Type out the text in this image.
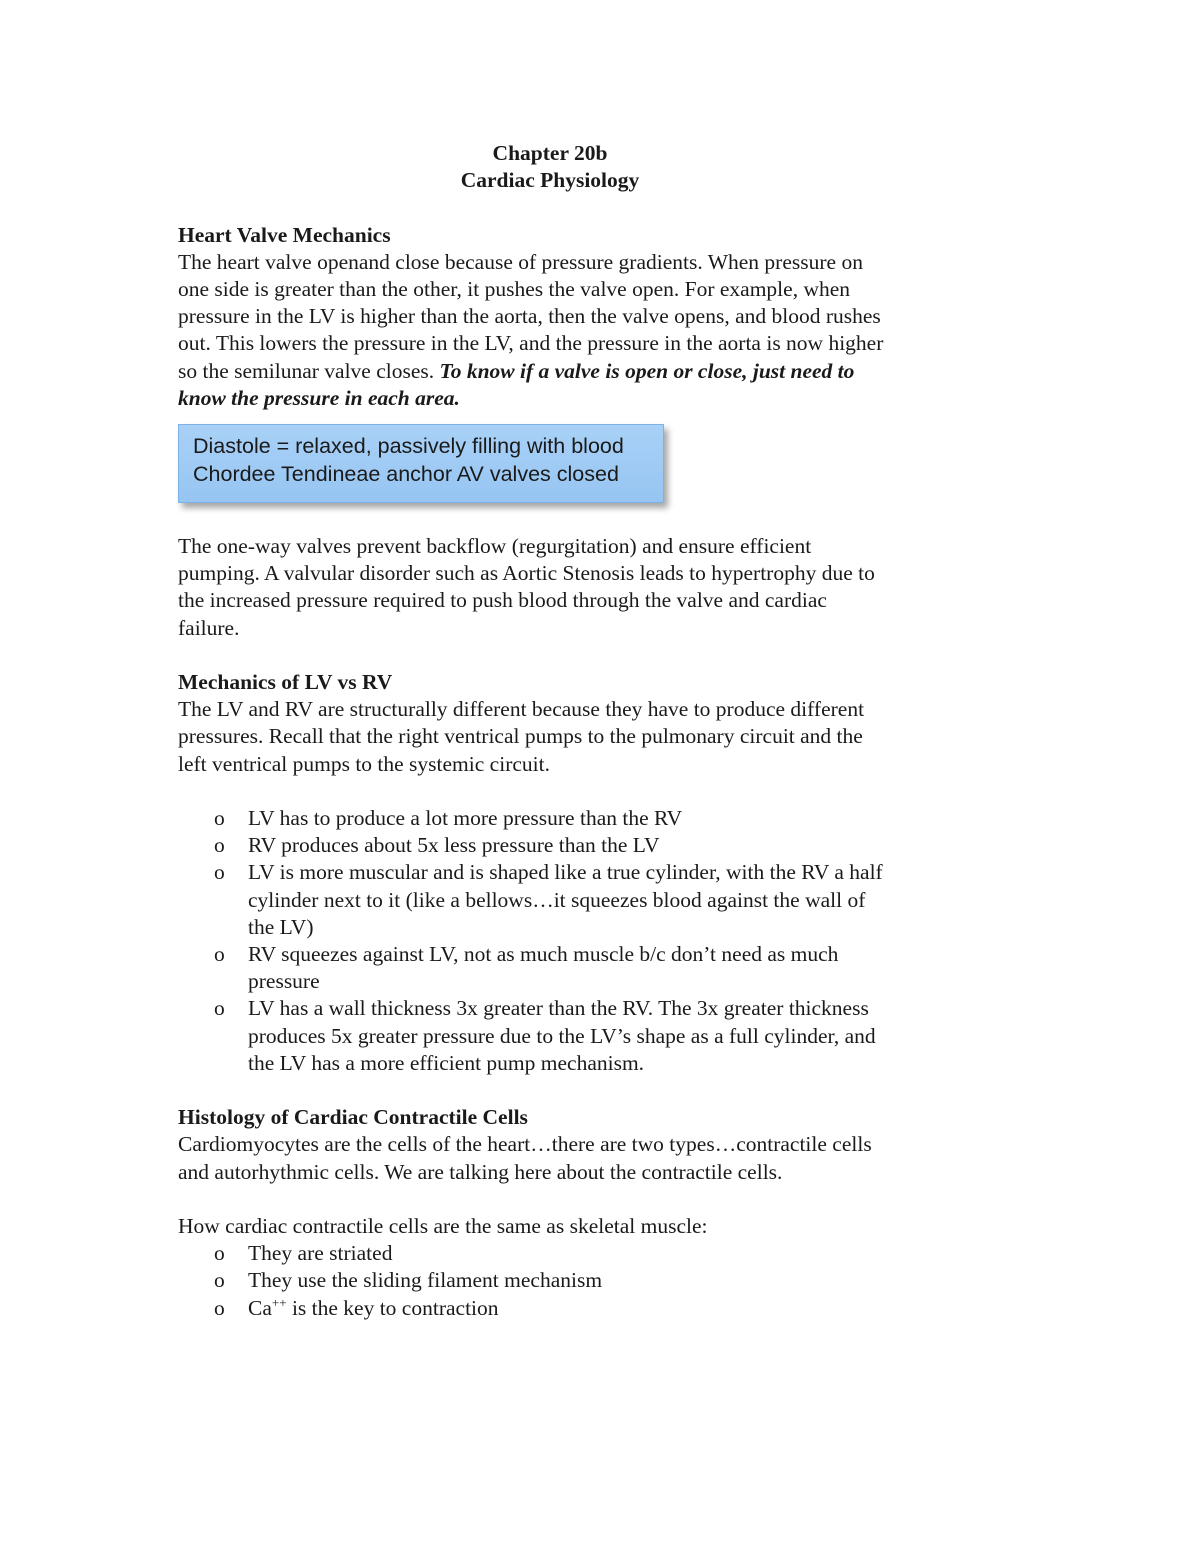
Chapter 20b
Cardiac Physiology
Heart Valve Mechanics
The heart valve openand close because of pressure gradients. When pressure on one side is greater than the other, it pushes the valve open. For example, when pressure in the LV is higher than the aorta, then the valve opens, and blood rushes out. This lowers the pressure in the LV, and the pressure in the aorta is now higher so the semilunar valve closes. To know if a valve is open or close, just need to know the pressure in each area.
Diastole = relaxed, passively filling with blood
Chordee Tendineae anchor AV valves closed
The one-way valves prevent backflow (regurgitation) and ensure efficient pumping. A valvular disorder such as Aortic Stenosis leads to hypertrophy due to the increased pressure required to push blood through the valve and cardiac failure.
Mechanics of LV vs RV
The LV and RV are structurally different because they have to produce different pressures. Recall that the right ventrical pumps to the pulmonary circuit and the left ventrical pumps to the systemic circuit.
o LV has to produce a lot more pressure than the RV
o RV produces about 5x less pressure than the LV
o LV is more muscular and is shaped like a true cylinder, with the RV a half cylinder next to it (like a bellows…it squeezes blood against the wall of the LV)
o RV squeezes against LV, not as much muscle b/c don’t need as much pressure
o LV has a wall thickness 3x greater than the RV. The 3x greater thickness produces 5x greater pressure due to the LV’s shape as a full cylinder, and the LV has a more efficient pump mechanism.
Histology of Cardiac Contractile Cells
Cardiomyocytes are the cells of the heart…there are two types…contractile cells and autorhythmic cells. We are talking here about the contractile cells.
How cardiac contractile cells are the same as skeletal muscle:
o They are striated
o They use the sliding filament mechanism
o Ca++ is the key to contraction
